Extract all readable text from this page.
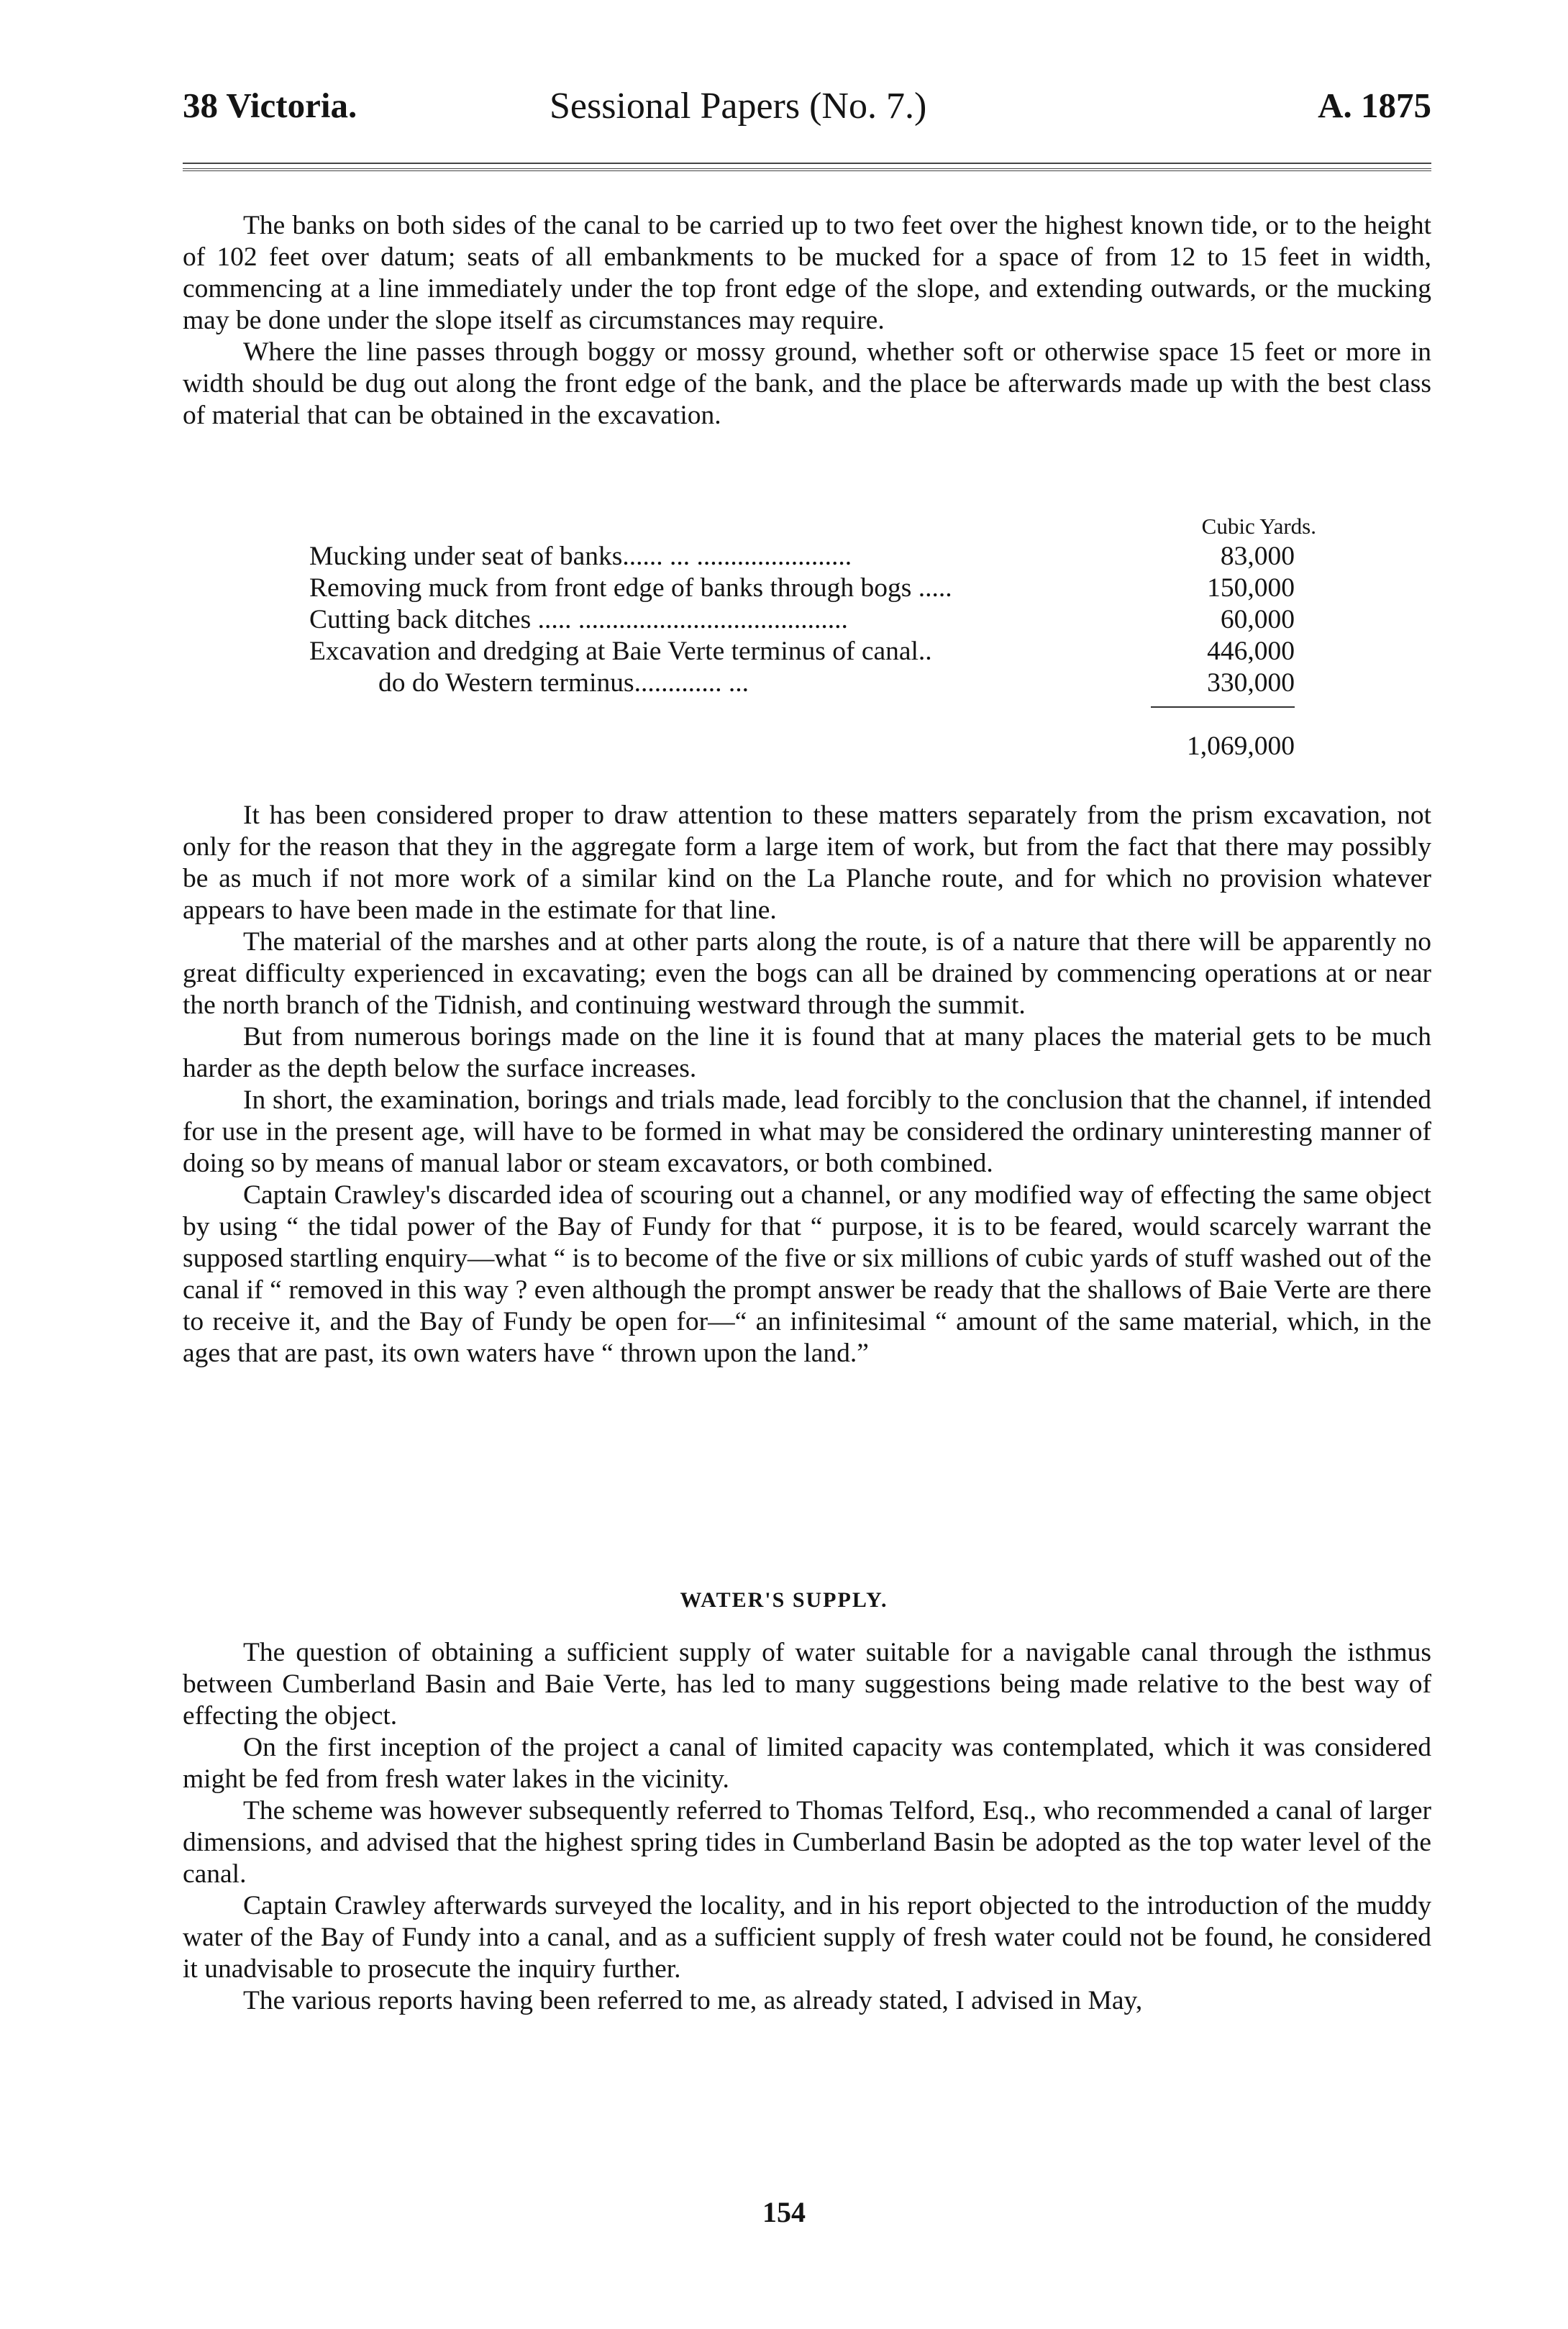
38 Victoria.	Sessional Papers (No. 7.)	A. 1875

The banks on both sides of the canal to be carried up to two feet over the highest known tide, or to the height of 102 feet over datum; seats of all embankments to be mucked for a space of from 12 to 15 feet in width, commencing at a line immediately under the top front edge of the slope, and extending outwards, or the mucking may be done under the slope itself as circumstances may require.

Where the line passes through boggy or mossy ground, whether soft or otherwise space 15 feet or more in width should be dug out along the front edge of the bank, and the place be afterwards made up with the best class of material that can be obtained in the excavation.

Cubic Yards.
Mucking under seat of banks...... ... .......................	83,000
Removing muck from front edge of banks through bogs .....	150,000
Cutting back ditches ..... ........................................	60,000
Excavation and dredging at Baie Verte terminus of canal..	446,000
do do Western terminus............. ...	330,000
1,069,000

It has been considered proper to draw attention to these matters separately from the prism excavation, not only for the reason that they in the aggregate form a large item of work, but from the fact that there may possibly be as much if not more work of a similar kind on the La Planche route, and for which no provision whatever appears to have been made in the estimate for that line.

The material of the marshes and at other parts along the route, is of a nature that there will be apparently no great difficulty experienced in excavating; even the bogs can all be drained by commencing operations at or near the north branch of the Tidnish, and continuing westward through the summit.

But from numerous borings made on the line it is found that at many places the material gets to be much harder as the depth below the surface increases.

In short, the examination, borings and trials made, lead forcibly to the conclusion that the channel, if intended for use in the present age, will have to be formed in what may be considered the ordinary uninteresting manner of doing so by means of manual labor or steam excavators, or both combined.

Captain Crawley's discarded idea of scouring out a channel, or any modified way of effecting the same object by using “ the tidal power of the Bay of Fundy for that “ purpose, it is to be feared, would scarcely warrant the supposed startling enquiry—what “ is to become of the five or six millions of cubic yards of stuff washed out of the canal if “ removed in this way ? even although the prompt answer be ready that the shallows of Baie Verte are there to receive it, and the Bay of Fundy be open for—“ an infinitesimal “ amount of the same material, which, in the ages that are past, its own waters have “ thrown upon the land.”

WATER'S SUPPLY.

The question of obtaining a sufficient supply of water suitable for a navigable canal through the isthmus between Cumberland Basin and Baie Verte, has led to many suggestions being made relative to the best way of effecting the object.

On the first inception of the project a canal of limited capacity was contemplated, which it was considered might be fed from fresh water lakes in the vicinity.

The scheme was however subsequently referred to Thomas Telford, Esq., who recommended a canal of larger dimensions, and advised that the highest spring tides in Cumberland Basin be adopted as the top water level of the canal.

Captain Crawley afterwards surveyed the locality, and in his report objected to the introduction of the muddy water of the Bay of Fundy into a canal, and as a sufficient supply of fresh water could not be found, he considered it unadvisable to prosecute the inquiry further.

The various reports having been referred to me, as already stated, I advised in May,

154
